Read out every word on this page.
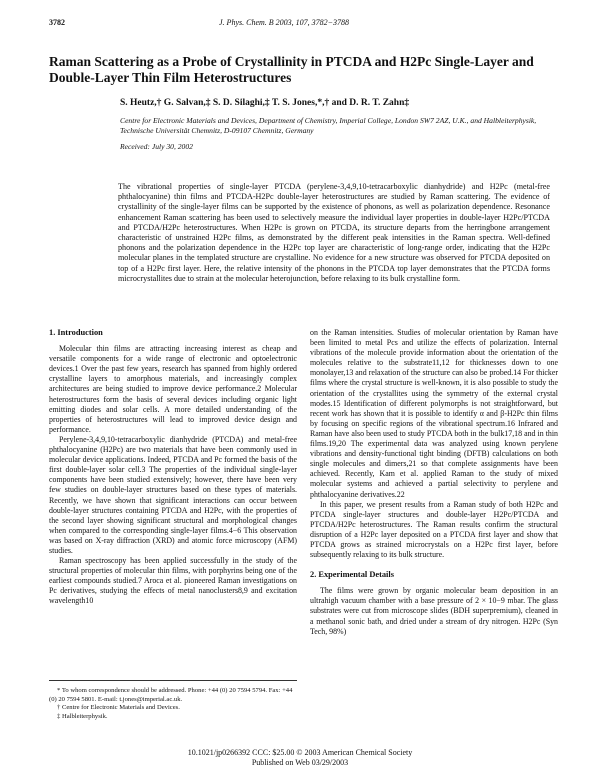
3782	J. Phys. Chem. B 2003, 107, 3782−3788
Raman Scattering as a Probe of Crystallinity in PTCDA and H2Pc Single-Layer and Double-Layer Thin Film Heterostructures
S. Heutz,† G. Salvan,‡ S. D. Silaghi,‡ T. S. Jones,*,† and D. R. T. Zahn‡
Centre for Electronic Materials and Devices, Department of Chemistry, Imperial College, London SW7 2AZ, U.K., and Halbleiterphysik, Technische Universität Chemnitz, D-09107 Chemnitz, Germany
Received: July 30, 2002
The vibrational properties of single-layer PTCDA (perylene-3,4,9,10-tetracarboxylic dianhydride) and H2Pc (metal-free phthalocyanine) thin films and PTCDA-H2Pc double-layer heterostructures are studied by Raman scattering. The evidence of crystallinity of the single-layer films can be supported by the existence of phonons, as well as polarization dependence. Resonance enhancement Raman scattering has been used to selectively measure the individual layer properties in double-layer H2Pc/PTCDA and PTCDA/H2Pc heterostructures. When H2Pc is grown on PTCDA, its structure departs from the herringbone arrangement characteristic of unstrained H2Pc films, as demonstrated by the different peak intensities in the Raman spectra. Well-defined phonons and the polarization dependence in the H2Pc top layer are characteristic of long-range order, indicating that the H2Pc molecular planes in the templated structure are crystalline. No evidence for a new structure was observed for PTCDA deposited on top of a H2Pc first layer. Here, the relative intensity of the phonons in the PTCDA top layer demonstrates that the PTCDA forms microcrystallites due to strain at the molecular heterojunction, before relaxing to its bulk crystalline form.
1. Introduction

Molecular thin films are attracting increasing interest as cheap and versatile components for a wide range of electronic and optoelectronic devices.1 Over the past few years, research has spanned from highly ordered crystalline layers to amorphous materials, and increasingly complex architectures are being studied to improve device performance.2 Molecular heterostructures form the basis of several devices including organic light emitting diodes and solar cells. A more detailed understanding of the properties of heterostructures will lead to improved device design and performance.

Perylene-3,4,9,10-tetracarboxylic dianhydride (PTCDA) and metal-free phthalocyanine (H2Pc) are two materials that have been commonly used in molecular device applications. Indeed, PTCDA and Pc formed the basis of the first double-layer solar cell.3 The properties of the individual single-layer components have been studied extensively; however, there have been very few studies on double-layer structures based on these types of materials. Recently, we have shown that significant interactions can occur between double-layer structures containing PTCDA and H2Pc, with the properties of the second layer showing significant structural and morphological changes when compared to the corresponding single-layer films.4−6 This observation was based on X-ray diffraction (XRD) and atomic force microscopy (AFM) studies.

Raman spectroscopy has been applied successfully in the study of the structural properties of molecular thin films, with porphyrins being one of the earliest compounds studied.7 Aroca et al. pioneered Raman investigations on Pc derivatives, studying the effects of metal nanoclusters8,9 and excitation wavelength10

on the Raman intensities. Studies of molecular orientation by Raman have been limited to metal Pcs and utilize the effects of polarization. Internal vibrations of the molecule provide information about the orientation of the molecules relative to the substrate11,12 for thicknesses down to one monolayer,13 and relaxation of the structure can also be probed.14 For thicker films where the crystal structure is well-known, it is also possible to study the orientation of the crystallites using the symmetry of the external crystal modes.15 Identification of different polymorphs is not straightforward, but recent work has shown that it is possible to identify α and β-H2Pc thin films by focusing on specific regions of the vibrational spectrum.16 Infrared and Raman have also been used to study PTCDA both in the bulk17,18 and in thin films.19,20 The experimental data was analyzed using known perylene vibrations and density-functional tight binding (DFTB) calculations on both single molecules and dimers,21 so that complete assignments have been achieved. Recently, Kam et al. applied Raman to the study of mixed molecular systems and achieved a partial selectivity to perylene and phthalocyanine derivatives.22

In this paper, we present results from a Raman study of both H2Pc and PTCDA single-layer structures and double-layer H2Pc/PTCDA and PTCDA/H2Pc heterostructures. The Raman results confirm the structural disruption of a H2Pc layer deposited on a PTCDA first layer and show that PTCDA grows as strained microcrystals on a H2Pc first layer, before subsequently relaxing to its bulk structure.

2. Experimental Details

The films were grown by organic molecular beam deposition in an ultrahigh vacuum chamber with a base pressure of 2 × 10−9 mbar. The glass substrates were cut from microscope slides (BDH superpremium), cleaned in a methanol sonic bath, and dried under a stream of dry nitrogen. H2Pc (Syn Tech, 98%)

* To whom correspondence should be addressed. Phone: +44 (0) 20 7594 5794. Fax: +44 (0) 20 7594 5801. E-mail: t.jones@imperial.ac.uk.
† Centre for Electronic Materials and Devices.
‡ Halbleiterphysik.
10.1021/jp0266392 CCC: $25.00 © 2003 American Chemical Society
Published on Web 03/29/2003
